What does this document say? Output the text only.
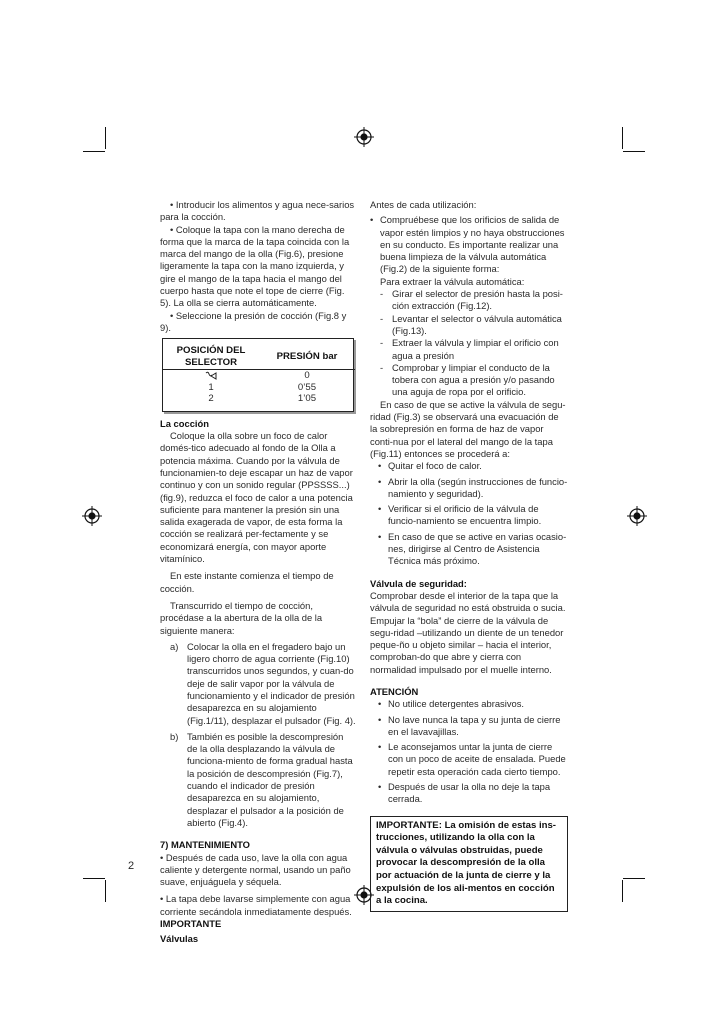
• Introducir los alimentos y agua nece-sarios para la cocción.

• Coloque la tapa con la mano derecha de forma que la marca de la tapa coincida con la marca del mango de la olla (Fig.6), presione ligeramente la tapa con la mano izquierda, y gire el mango de la tapa hacia el mango del cuerpo hasta que note el tope de cierre (Fig. 5). La olla se cierra automáticamente.

• Seleccione la presión de cocción (Fig.8 y 9).

POSICIÓN DEL SELECTOR	PRESIÓN bar
	0
1	0’55
2	1’05

La cocción

Coloque la olla sobre un foco de calor domés-tico adecuado al fondo de la Olla a potencia máxima. Cuando por la válvula de funcionamien-to deje escapar un haz de vapor continuo y con un sonido regular (PPSSSS...) (fig.9), reduzca el foco de calor a una potencia suficiente para mantener la presión sin una salida exagerada de vapor, de esta forma la cocción se realizará per-fectamente y se economizará energía, con mayor aporte vitamínico.

En este instante comienza el tiempo de cocción.

Transcurrido el tiempo de cocción, procédase a la abertura de la olla de la siguiente manera:

a) Colocar la olla en el fregadero bajo un ligero chorro de agua corriente (Fig.10) transcurridos unos segundos, y cuan-do deje de salir vapor por la válvula de funcionamiento y el indicador de presión desaparezca en su alojamiento (Fig.1/11), desplazar el pulsador (Fig. 4).
b) También es posible la descompresión de la olla desplazando la válvula de funciona-miento de forma gradual hasta la posición de descompresión (Fig.7), cuando el indicador de presión desaparezca en su alojamiento, desplazar el pulsador a la posición de abierto (Fig.4).

7) MANTENIMIENTO

• Después de cada uso, lave la olla con agua caliente y detergente normal, usando un paño suave, enjuáguela y séquela.

• La tapa debe lavarse simplemente con agua corriente secándola inmediatamente después.

IMPORTANTE

Válvulas

Antes de cada utilización:

• Compruébese que los orificios de salida de vapor estén limpios y no haya obstrucciones en su conducto. Es importante realizar una buena limpieza de la válvula automática (Fig.2) de la siguiente forma:

Para extraer la válvula automática:

- Girar el selector de presión hasta la posi-ción extracción (Fig.12).
- Levantar el selector o válvula automática (Fig.13).
- Extraer la válvula y limpiar el orificio con agua a presión
- Comprobar y limpiar el conducto de la tobera con agua a presión y/o pasando una aguja de ropa por el orificio.

En caso de que se active la válvula de segu-ridad (Fig.3) se observará una evacuación de la sobrepresión en forma de haz de vapor conti-nua por el lateral del mango de la tapa (Fig.11) entonces se procederá a:

• Quitar el foco de calor.
• Abrir la olla (según instrucciones de funcio-namiento y seguridad).
• Verificar si el orificio de la válvula de funcio-namiento se encuentra limpio.
• En caso de que se active en varias ocasio-nes, dirigirse al Centro de Asistencia Técnica más próximo.

Válvula de seguridad:

Comprobar desde el interior de la tapa que la válvula de seguridad no está obstruida o sucia. Empujar la “bola” de cierre de la válvula de segu-ridad –utilizando un diente de un tenedor peque-ño u objeto similar – hacia el interior, comproban-do que abre y cierra con normalidad impulsado por el muelle interno.

ATENCIÓN

• No utilice detergentes abrasivos.
• No lave nunca la tapa y su junta de cierre en el lavavajillas.
• Le aconsejamos untar la junta de cierre con un poco de aceite de ensalada. Puede repetir esta operación cada cierto tiempo.
• Después de usar la olla no deje la tapa cerrada.
IMPORTANTE: La omisión de estas ins-trucciones, utilizando la olla con la válvula o válvulas obstruidas, puede provocar la descompresión de la olla por actuación de la junta de cierre y la expulsión de los ali-mentos en cocción a la cocina.
2
